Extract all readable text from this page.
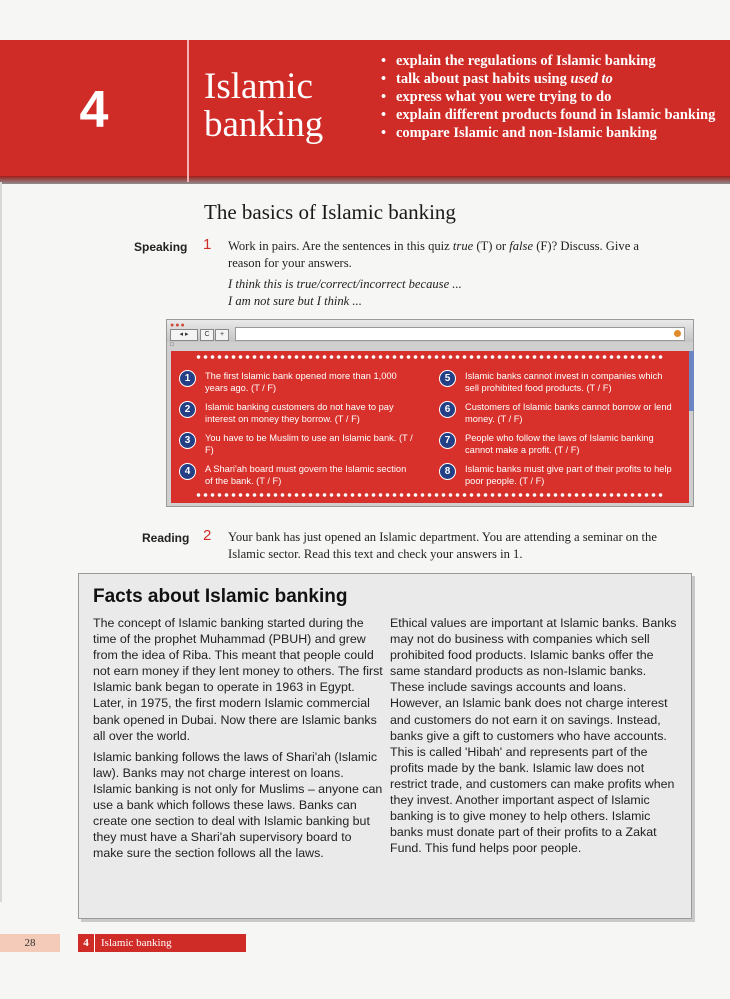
4	Islamic
banking
• explain the regulations of Islamic banking
• talk about past habits using used to
• express what you were trying to do
• explain different products found in Islamic banking
• compare Islamic and non-Islamic banking
The basics of Islamic banking
Speaking 1 Work in pairs. Are the sentences in this quiz true (T) or false (F)? Discuss. Give a reason for your answers.
I think this is true/correct/incorrect because ...
I am not sure but I think ...
●●●
◂ ▸	C	+
□
1	The first Islamic bank opened more than 1,000 years ago. (T / F)
2	Islamic banking customers do not have to pay interest on money they borrow. (T / F)
3	You have to be Muslim to use an Islamic bank. (T / F)
4	A Shari'ah board must govern the Islamic section of the bank. (T / F)
5	Islamic banks cannot invest in companies which sell prohibited food products. (T / F)
6	Customers of Islamic banks cannot borrow or lend money. (T / F)
7	People who follow the laws of Islamic banking cannot make a profit. (T / F)
8	Islamic banks must give part of their profits to help poor people. (T / F)
Reading 2 Your bank has just opened an Islamic department. You are attending a seminar on the Islamic sector. Read this text and check your answers in 1.
Facts about Islamic banking

The concept of Islamic banking started during the time of the prophet Muhammad (PBUH) and grew from the idea of Riba. This meant that people could not earn money if they lent money to others. The first Islamic bank began to operate in 1963 in Egypt. Later, in 1975, the first modern Islamic commercial bank opened in Dubai. Now there are Islamic banks all over the world.

Islamic banking follows the laws of Shari'ah (Islamic law). Banks may not charge interest on loans. Islamic banking is not only for Muslims – anyone can use a bank which follows these laws. Banks can create one section to deal with Islamic banking but they must have a Shari'ah supervisory board to make sure the section follows all the laws.

Ethical values are important at Islamic banks. Banks may not do business with companies which sell prohibited food products. Islamic banks offer the same standard products as non-Islamic banks. These include savings accounts and loans. However, an Islamic bank does not charge interest and customers do not earn it on savings. Instead, banks give a gift to customers who have accounts. This is called 'Hibah' and represents part of the profits made by the bank. Islamic law does not restrict trade, and customers can make profits when they invest. Another important aspect of Islamic banking is to give money to help others. Islamic banks must donate part of their profits to a Zakat Fund. This fund helps poor people.

28	4 Islamic banking
